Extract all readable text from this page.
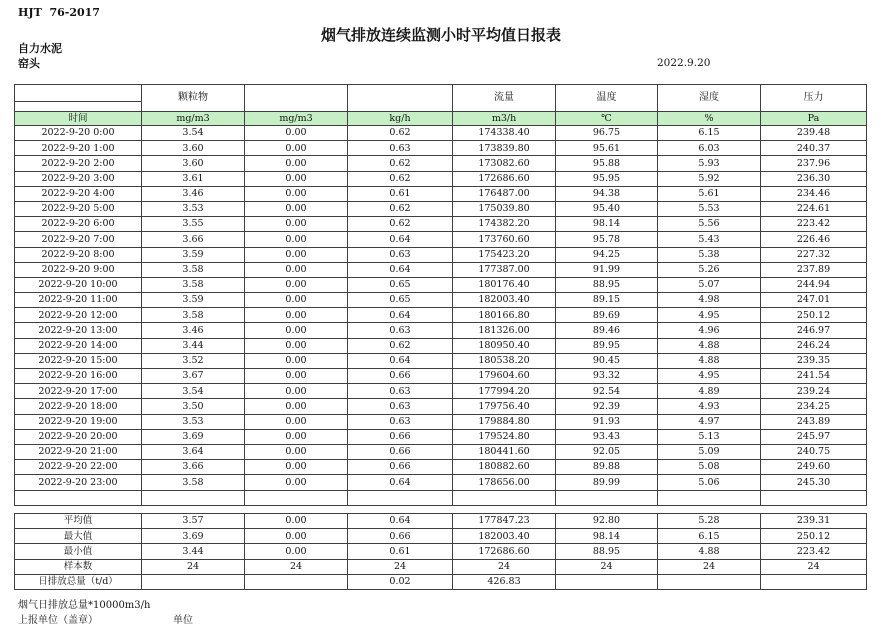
HJT  76-2017
烟气排放连续监测小时平均值日报表
自力水泥
窑头	2022.9.20
	颗粒物			流量	温度	湿度	压力

时间	mg/m3	mg/m3	kg/h	m3/h	℃	%	Pa
2022-9-20 0:00	3.54	0.00	0.62	174338.40	96.75	6.15	239.48
2022-9-20 1:00	3.60	0.00	0.63	173839.80	95.61	6.03	240.37
2022-9-20 2:00	3.60	0.00	0.62	173082.60	95.88	5.93	237.96
2022-9-20 3:00	3.61	0.00	0.62	172686.60	95.95	5.92	236.30
2022-9-20 4:00	3.46	0.00	0.61	176487.00	94.38	5.61	234.46
2022-9-20 5:00	3.53	0.00	0.62	175039.80	95.40	5.53	224.61
2022-9-20 6:00	3.55	0.00	0.62	174382.20	98.14	5.56	223.42
2022-9-20 7:00	3.66	0.00	0.64	173760.60	95.78	5.43	226.46
2022-9-20 8:00	3.59	0.00	0.63	175423.20	94.25	5.38	227.32
2022-9-20 9:00	3.58	0.00	0.64	177387.00	91.99	5.26	237.89
2022-9-20 10:00	3.58	0.00	0.65	180176.40	88.95	5.07	244.94
2022-9-20 11:00	3.59	0.00	0.65	182003.40	89.15	4.98	247.01
2022-9-20 12:00	3.58	0.00	0.64	180166.80	89.69	4.95	250.12
2022-9-20 13:00	3.46	0.00	0.63	181326.00	89.46	4.96	246.97
2022-9-20 14:00	3.44	0.00	0.62	180950.40	89.95	4.88	246.24
2022-9-20 15:00	3.52	0.00	0.64	180538.20	90.45	4.88	239.35
2022-9-20 16:00	3.67	0.00	0.66	179604.60	93.32	4.95	241.54
2022-9-20 17:00	3.54	0.00	0.63	177994.20	92.54	4.89	239.24
2022-9-20 18:00	3.50	0.00	0.63	179756.40	92.39	4.93	234.25
2022-9-20 19:00	3.53	0.00	0.63	179884.80	91.93	4.97	243.89
2022-9-20 20:00	3.69	0.00	0.66	179524.80	93.43	5.13	245.97
2022-9-20 21:00	3.64	0.00	0.66	180441.60	92.05	5.09	240.75
2022-9-20 22:00	3.66	0.00	0.66	180882.60	89.88	5.08	249.60
2022-9-20 23:00	3.58	0.00	0.64	178656.00	89.99	5.06	245.30

平均值	3.57	0.00	0.64	177847.23	92.80	5.28	239.31
最大值	3.69	0.00	0.66	182003.40	98.14	6.15	250.12
最小值	3.44	0.00	0.61	172686.60	88.95	4.88	223.42
样本数	24	24	24	24	24	24	24
日排放总量（t/d）			0.02	426.83			
烟气日排放总量*10000m3/h
上报单位（盖章）	单位
